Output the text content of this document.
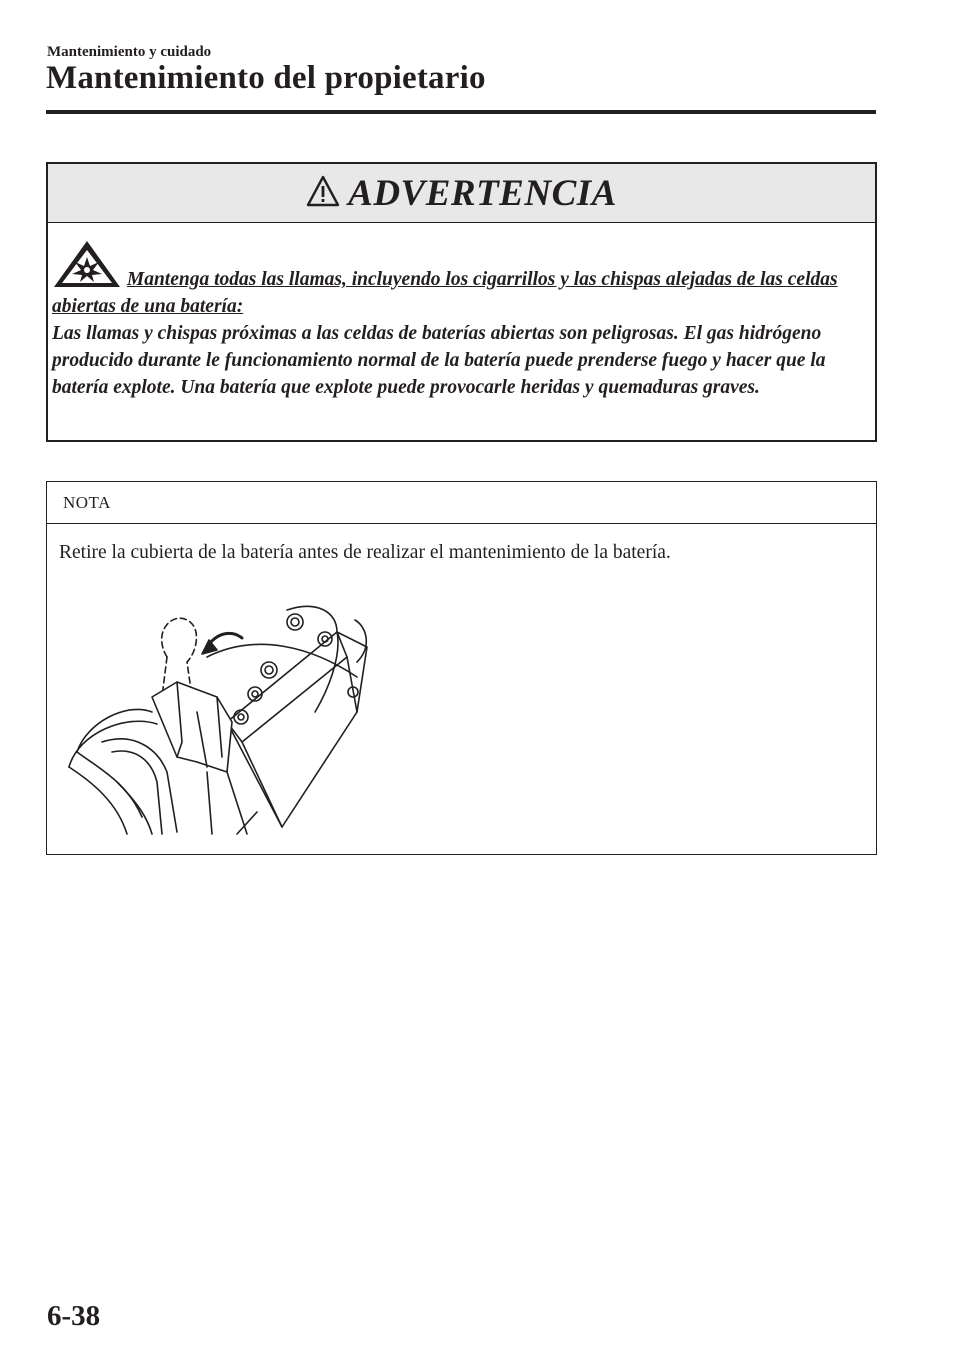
Mantenimiento y cuidado
Mantenimiento del propietario
ADVERTENCIA
Mantenga todas las llamas, incluyendo los cigarrillos y las chispas alejadas de las celdas abiertas de una batería:
Las llamas y chispas próximas a las celdas de baterías abiertas son peligrosas. El gas hidrógeno producido durante le funcionamiento normal de la batería puede prenderse fuego y hacer que la batería explote. Una batería que explote puede provocarle heridas y quemaduras graves.
NOTA
Retire la cubierta de la batería antes de realizar el mantenimiento de la batería.
6-38
